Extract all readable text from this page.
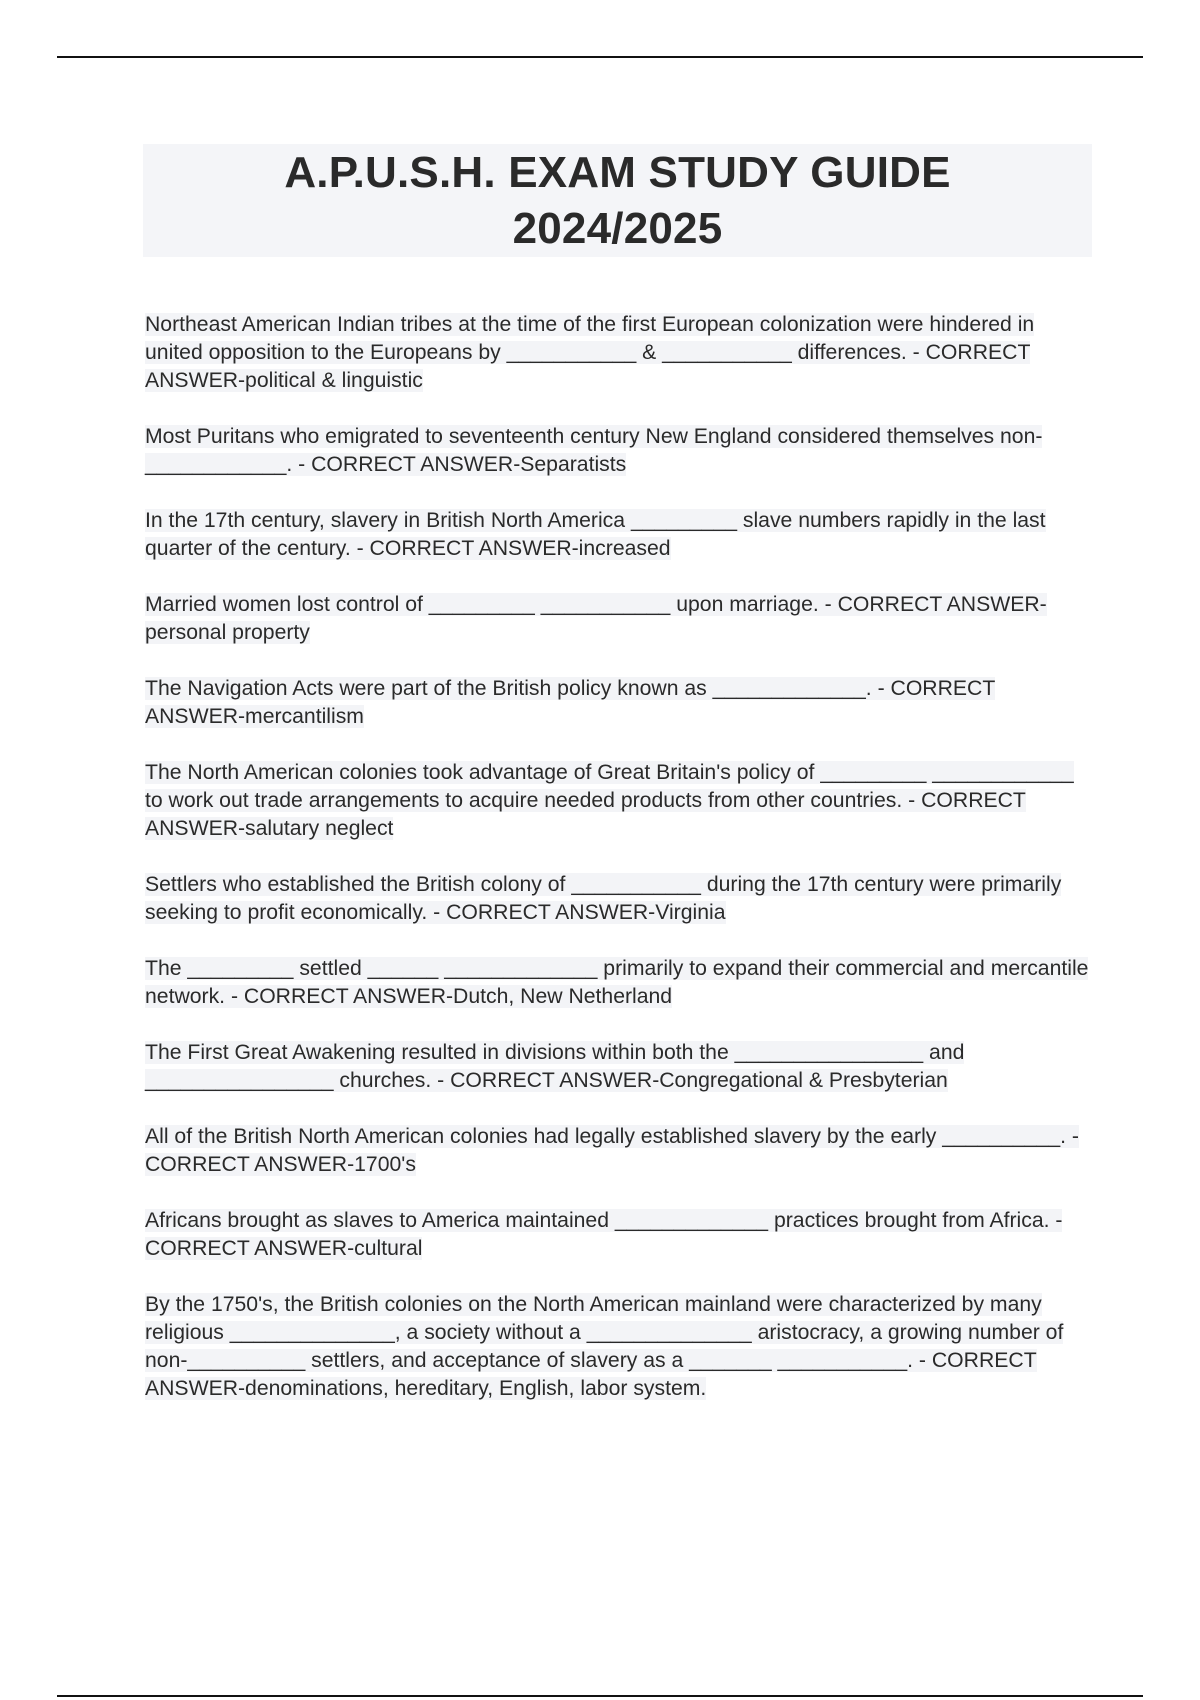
A.P.U.S.H. EXAM STUDY GUIDE
2024/2025

Northeast American Indian tribes at the time of the first European colonization were hindered in united opposition to the Europeans by ___________ & ___________ differences. - CORRECT ANSWER-political & linguistic

Most Puritans who emigrated to seventeenth century New England considered themselves non-____________. - CORRECT ANSWER-Separatists

In the 17th century, slavery in British North America _________ slave numbers rapidly in the last quarter of the century. - CORRECT ANSWER-increased

Married women lost control of _________ ___________ upon marriage. - CORRECT ANSWER-personal property

The Navigation Acts were part of the British policy known as _____________. - CORRECT ANSWER-mercantilism

The North American colonies took advantage of Great Britain's policy of _________ ____________ to work out trade arrangements to acquire needed products from other countries. - CORRECT ANSWER-salutary neglect

Settlers who established the British colony of ___________ during the 17th century were primarily seeking to profit economically. - CORRECT ANSWER-Virginia

The _________ settled ______ _____________ primarily to expand their commercial and mercantile network. - CORRECT ANSWER-Dutch, New Netherland

The First Great Awakening resulted in divisions within both the ________________ and ________________ churches. - CORRECT ANSWER-Congregational & Presbyterian

All of the British North American colonies had legally established slavery by the early __________. - CORRECT ANSWER-1700's

Africans brought as slaves to America maintained _____________ practices brought from Africa. - CORRECT ANSWER-cultural

By the 1750's, the British colonies on the North American mainland were characterized by many religious ______________, a society without a ______________ aristocracy, a growing number of non-__________ settlers, and acceptance of slavery as a _______ ___________. - CORRECT ANSWER-denominations, hereditary, English, labor system.
